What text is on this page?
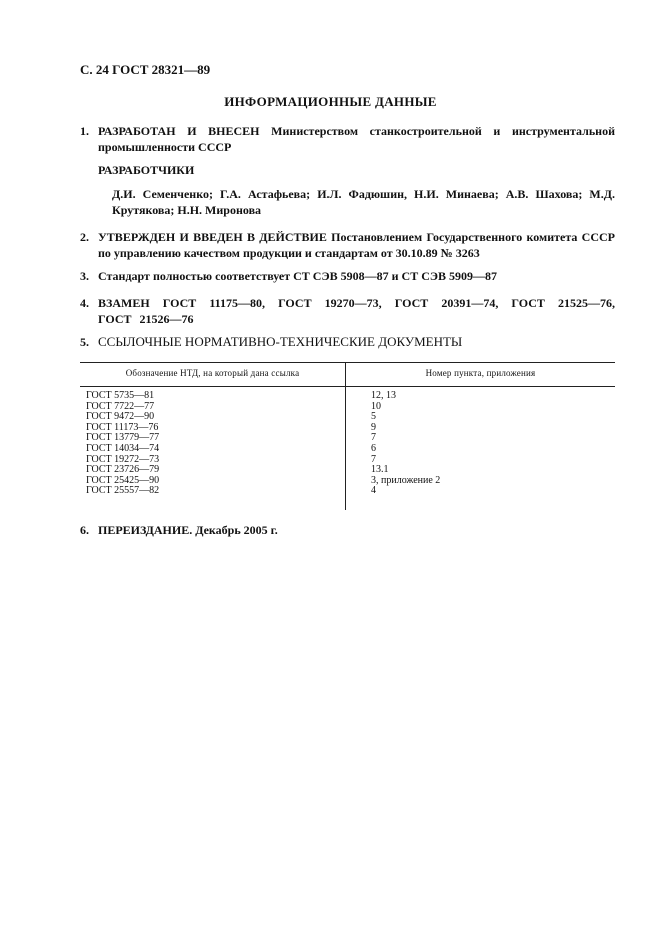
С. 24 ГОСТ 28321—89
ИНФОРМАЦИОННЫЕ ДАННЫЕ
1. РАЗРАБОТАН И ВНЕСЕН Министерством станкостроительной и инструментальной промышленности СССР
РАЗРАБОТЧИКИ
Д.И. Семенченко; Г.А. Астафьева; И.Л. Фадюшин, Н.И. Минаева; А.В. Шахова; М.Д. Крутякова; Н.Н. Миронова
2. УТВЕРЖДЕН И ВВЕДЕН В ДЕЙСТВИЕ Постановлением Государственного комитета СССР по управлению качеством продукции и стандартам от 30.10.89 № 3263
3. Стандарт полностью соответствует СТ СЭВ 5908—87 и СТ СЭВ 5909—87
4. ВЗАМЕН ГОСТ 11175—80, ГОСТ 19270—73, ГОСТ 20391—74, ГОСТ 21525—76, ГОСТ 21526—76
5. ССЫЛОЧНЫЕ НОРМАТИВНО-ТЕХНИЧЕСКИЕ ДОКУМЕНТЫ
Обозначение НТД, на который дана ссылка	Номер пункта, приложения
ГОСТ 5735—81	12, 13
ГОСТ 7722—77	10
ГОСТ 9472—90	5
ГОСТ 11173—76	9
ГОСТ 13779—77	7
ГОСТ 14034—74	6
ГОСТ 19272—73	7
ГОСТ 23726—79	13.1
ГОСТ 25425—90	3, приложение 2
ГОСТ 25557—82	4
6. ПЕРЕИЗДАНИЕ. Декабрь 2005 г.
